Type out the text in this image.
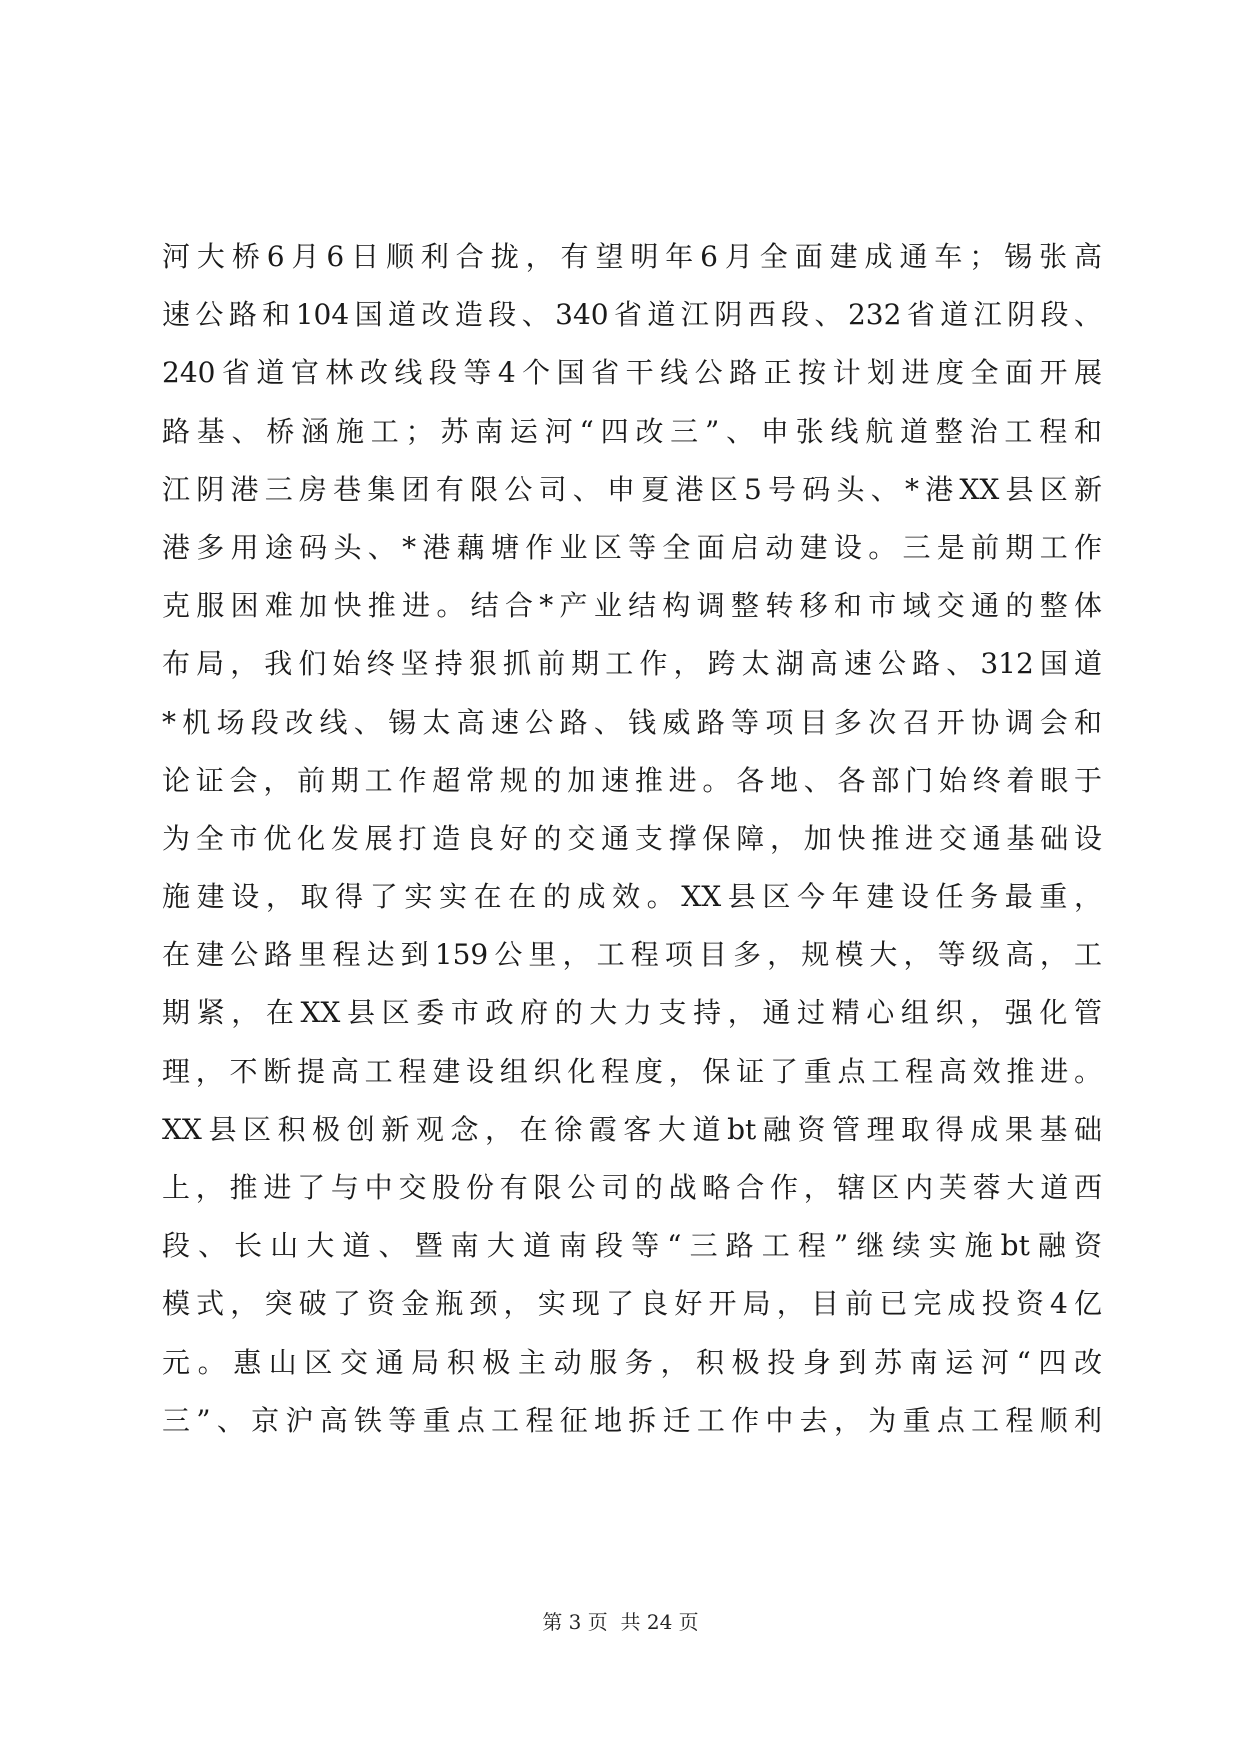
河大桥6月6日顺利合拢，有望明年6月全面建成通车；锡张高
速公路和104国道改造段、340省道江阴西段、232省道江阴段、
240省道官林改线段等4个国省干线公路正按计划进度全面开展
路基、桥涵施工；苏南运河“四改三”、申张线航道整治工程和
江阴港三房巷集团有限公司、申夏港区5号码头、*港XX县区新
港多用途码头、*港藕塘作业区等全面启动建设。三是前期工作
克服困难加快推进。结合*产业结构调整转移和市域交通的整体
布局，我们始终坚持狠抓前期工作，跨太湖高速公路、312国道
*机场段改线、锡太高速公路、钱威路等项目多次召开协调会和
论证会，前期工作超常规的加速推进。各地、各部门始终着眼于
为全市优化发展打造良好的交通支撑保障，加快推进交通基础设
施建设，取得了实实在在的成效。XX县区今年建设任务最重，
在建公路里程达到159公里，工程项目多，规模大，等级高，工
期紧，在XX县区委市政府的大力支持，通过精心组织，强化管
理，不断提高工程建设组织化程度，保证了重点工程高效推进。
XX县区积极创新观念，在徐霞客大道bt融资管理取得成果基础
上，推进了与中交股份有限公司的战略合作，辖区内芙蓉大道西
段、长山大道、暨南大道南段等“三路工程”继续实施bt融资
模式，突破了资金瓶颈，实现了良好开局，目前已完成投资4亿
元。惠山区交通局积极主动服务，积极投身到苏南运河“四改
三”、京沪高铁等重点工程征地拆迁工作中去，为重点工程顺利
第 3 页  共 24 页
